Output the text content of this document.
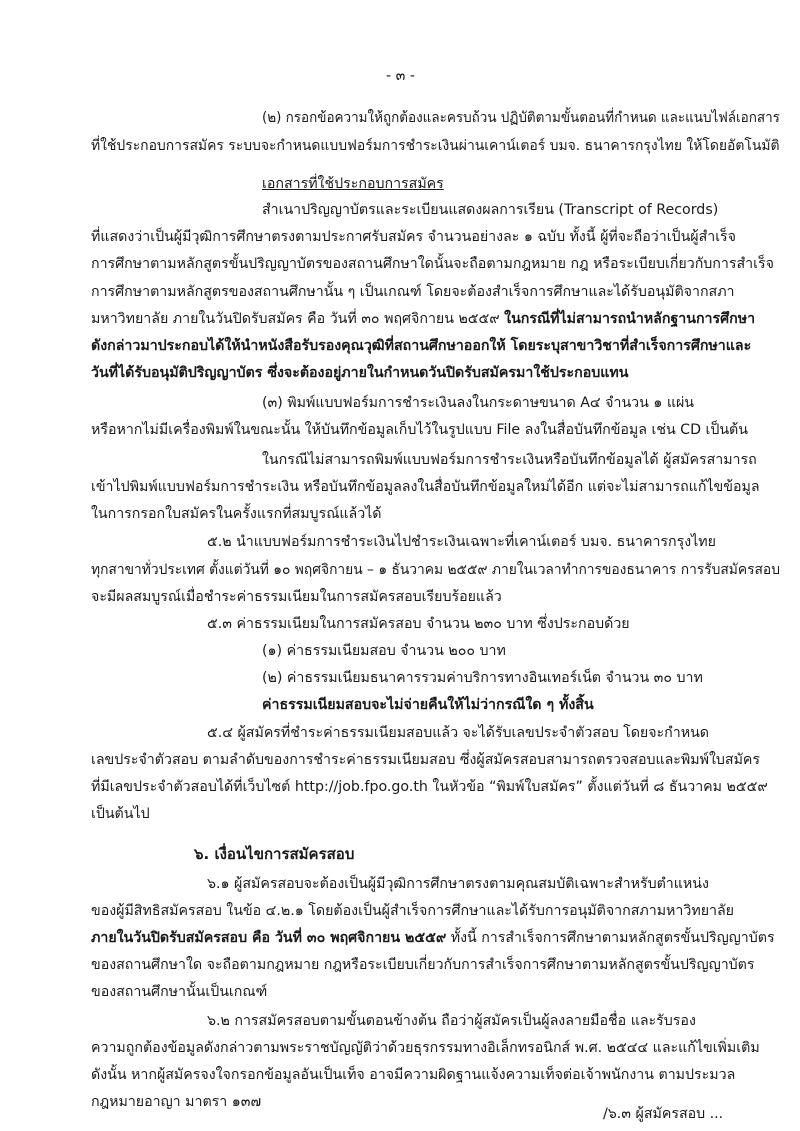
- ๓ -
(๒) กรอกข้อความให้ถูกต้องและครบถ้วน ปฏิบัติตามขั้นตอนที่กำหนด และแนบไฟล์เอกสาร
ที่ใช้ประกอบการสมัคร ระบบจะกำหนดแบบฟอร์มการชำระเงินผ่านเคาน์เตอร์ บมจ. ธนาคารกรุงไทย ให้โดยอัตโนมัติ
เอกสารที่ใช้ประกอบการสมัคร
สำเนาปริญญาบัตรและระเบียนแสดงผลการเรียน (Transcript of Records)
ที่แสดงว่าเป็นผู้มีวุฒิการศึกษาตรงตามประกาศรับสมัคร จำนวนอย่างละ ๑ ฉบับ ทั้งนี้ ผู้ที่จะถือว่าเป็นผู้สำเร็จ
การศึกษาตามหลักสูตรขั้นปริญญาบัตรของสถานศึกษาใดนั้นจะถือตามกฎหมาย กฎ หรือระเบียบเกี่ยวกับการสำเร็จ
การศึกษาตามหลักสูตรของสถานศึกษานั้น ๆ เป็นเกณฑ์ โดยจะต้องสำเร็จการศึกษาและได้รับอนุมัติจากสภา
มหาวิทยาลัย ภายในวันปิดรับสมัคร คือ วันที่ ๓๐ พฤศจิกายน ๒๕๕๙ ในกรณีที่ไม่สามารถนำหลักฐานการศึกษา
ดังกล่าวมาประกอบได้ให้นำหนังสือรับรองคุณวุฒิที่สถานศึกษาออกให้ โดยระบุสาขาวิชาที่สำเร็จการศึกษาและ
วันที่ได้รับอนุมัติปริญญาบัตร ซึ่งจะต้องอยู่ภายในกำหนดวันปิดรับสมัครมาใช้ประกอบแทน
(๓) พิมพ์แบบฟอร์มการชำระเงินลงในกระดาษขนาด A๔ จำนวน ๑ แผ่น
หรือหากไม่มีเครื่องพิมพ์ในขณะนั้น ให้บันทึกข้อมูลเก็บไว้ในรูปแบบ File ลงในสื่อบันทึกข้อมูล เช่น CD เป็นต้น
ในกรณีไม่สามารถพิมพ์แบบฟอร์มการชำระเงินหรือบันทึกข้อมูลได้ ผู้สมัครสามารถ
เข้าไปพิมพ์แบบฟอร์มการชำระเงิน หรือบันทึกข้อมูลลงในสื่อบันทึกข้อมูลใหม่ได้อีก แต่จะไม่สามารถแก้ไขข้อมูล
ในการกรอกใบสมัครในครั้งแรกที่สมบูรณ์แล้วได้
๕.๒ นำแบบฟอร์มการชำระเงินไปชำระเงินเฉพาะที่เคาน์เตอร์ บมจ. ธนาคารกรุงไทย
ทุกสาขาทั่วประเทศ ตั้งแต่วันที่ ๑๐ พฤศจิกายน – ๑ ธันวาคม ๒๕๕๙ ภายในเวลาทำการของธนาคาร การรับสมัครสอบ
จะมีผลสมบูรณ์เมื่อชำระค่าธรรมเนียมในการสมัครสอบเรียบร้อยแล้ว
๕.๓ ค่าธรรมเนียมในการสมัครสอบ จำนวน ๒๓๐ บาท ซึ่งประกอบด้วย
(๑) ค่าธรรมเนียมสอบ จำนวน ๒๐๐ บาท
(๒) ค่าธรรมเนียมธนาคารรวมค่าบริการทางอินเทอร์เน็ต จำนวน ๓๐ บาท
ค่าธรรมเนียมสอบจะไม่จ่ายคืนให้ไม่ว่ากรณีใด ๆ ทั้งสิ้น
๕.๔ ผู้สมัครที่ชำระค่าธรรมเนียมสอบแล้ว จะได้รับเลขประจำตัวสอบ โดยจะกำหนด
เลขประจำตัวสอบ ตามลำดับของการชำระค่าธรรมเนียมสอบ ซึ่งผู้สมัครสอบสามารถตรวจสอบและพิมพ์ใบสมัคร
ที่มีเลขประจำตัวสอบได้ที่เว็บไซต์ http://job.fpo.go.th ในหัวข้อ “พิมพ์ใบสมัคร” ตั้งแต่วันที่ ๘ ธันวาคม ๒๕๕๙
เป็นต้นไป
๖. เงื่อนไขการสมัครสอบ
๖.๑ ผู้สมัครสอบจะต้องเป็นผู้มีวุฒิการศึกษาตรงตามคุณสมบัติเฉพาะสำหรับตำแหน่ง
ของผู้มีสิทธิสมัครสอบ ในข้อ ๔.๒.๑ โดยต้องเป็นผู้สำเร็จการศึกษาและได้รับการอนุมัติจากสภามหาวิทยาลัย
ภายในวันปิดรับสมัครสอบ คือ วันที่ ๓๐ พฤศจิกายน ๒๕๕๙ ทั้งนี้ การสำเร็จการศึกษาตามหลักสูตรขั้นปริญญาบัตร
ของสถานศึกษาใด จะถือตามกฎหมาย กฎหรือระเบียบเกี่ยวกับการสำเร็จการศึกษาตามหลักสูตรขั้นปริญญาบัตร
ของสถานศึกษานั้นเป็นเกณฑ์
๖.๒ การสมัครสอบตามขั้นตอนข้างต้น ถือว่าผู้สมัครเป็นผู้ลงลายมือชื่อ และรับรอง
ความถูกต้องข้อมูลดังกล่าวตามพระราชบัญญัติว่าด้วยธุรกรรมทางอิเล็กทรอนิกส์ พ.ศ. ๒๕๔๔ และแก้ไขเพิ่มเติม
ดังนั้น หากผู้สมัครจงใจกรอกข้อมูลอันเป็นเท็จ อาจมีความผิดฐานแจ้งความเท็จต่อเจ้าพนักงาน ตามประมวล
กฎหมายอาญา มาตรา ๑๓๗
/๖.๓ ผู้สมัครสอบ ...
